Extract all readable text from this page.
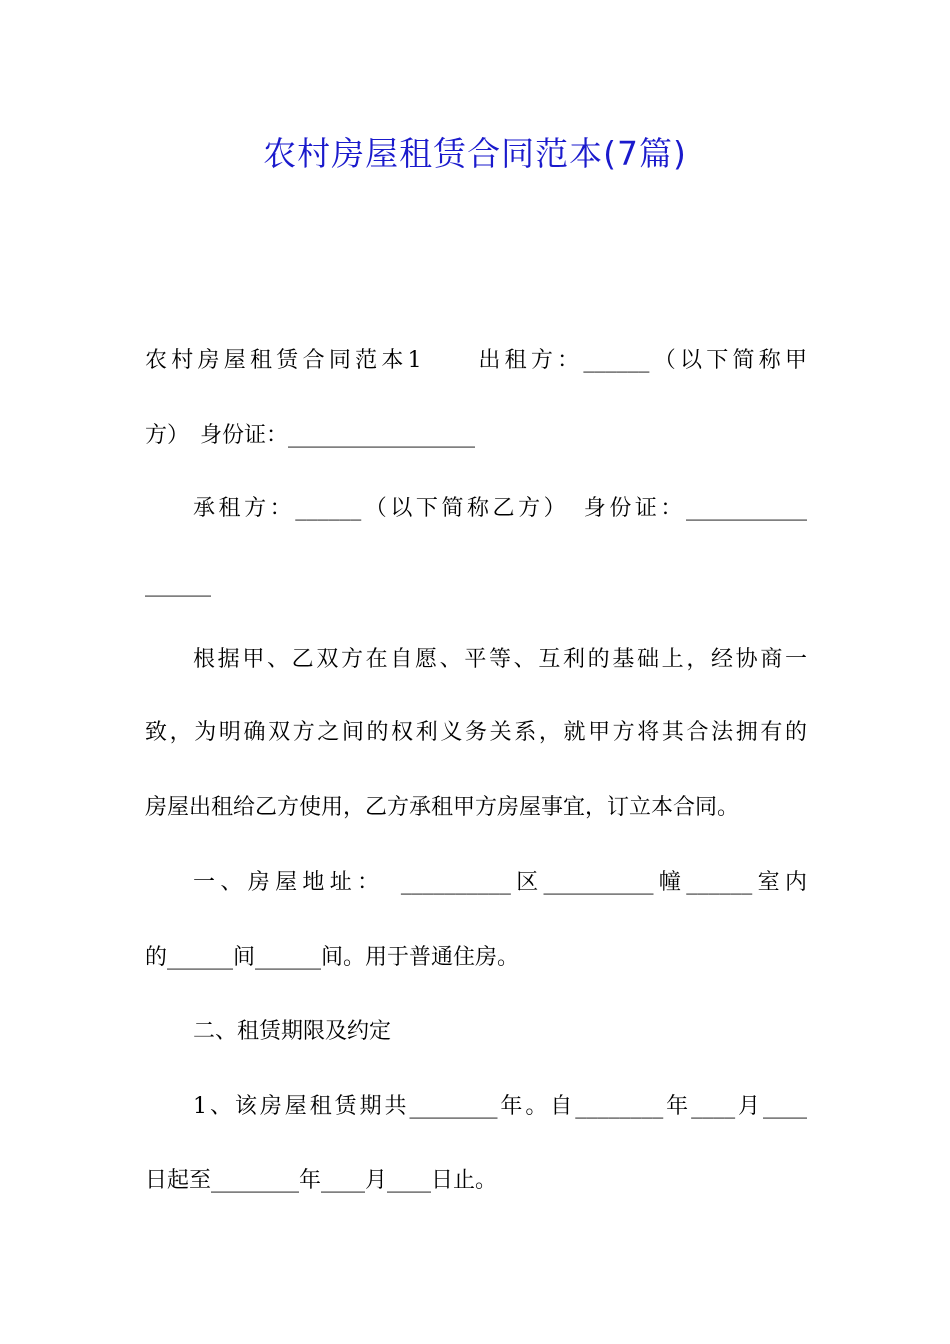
农村房屋租赁合同范本(7篇)
农村房屋租赁合同范本1　　出租方：______（以下简称甲
方）　身份证：_________________
承租方：______（以下简称乙方）　身份证：___________
______
根据甲、乙双方在自愿、平等、互利的基础上，经协商一
致，为明确双方之间的权利义务关系，就甲方将其合法拥有的
房屋出租给乙方使用，乙方承租甲方房屋事宜，订立本合同。
一、房屋地址：　__________区__________幢______室内
的______间______间。用于普通住房。
二、租赁期限及约定
1、该房屋租赁期共________年。自________年____月____
日起至________年____月____日止。
